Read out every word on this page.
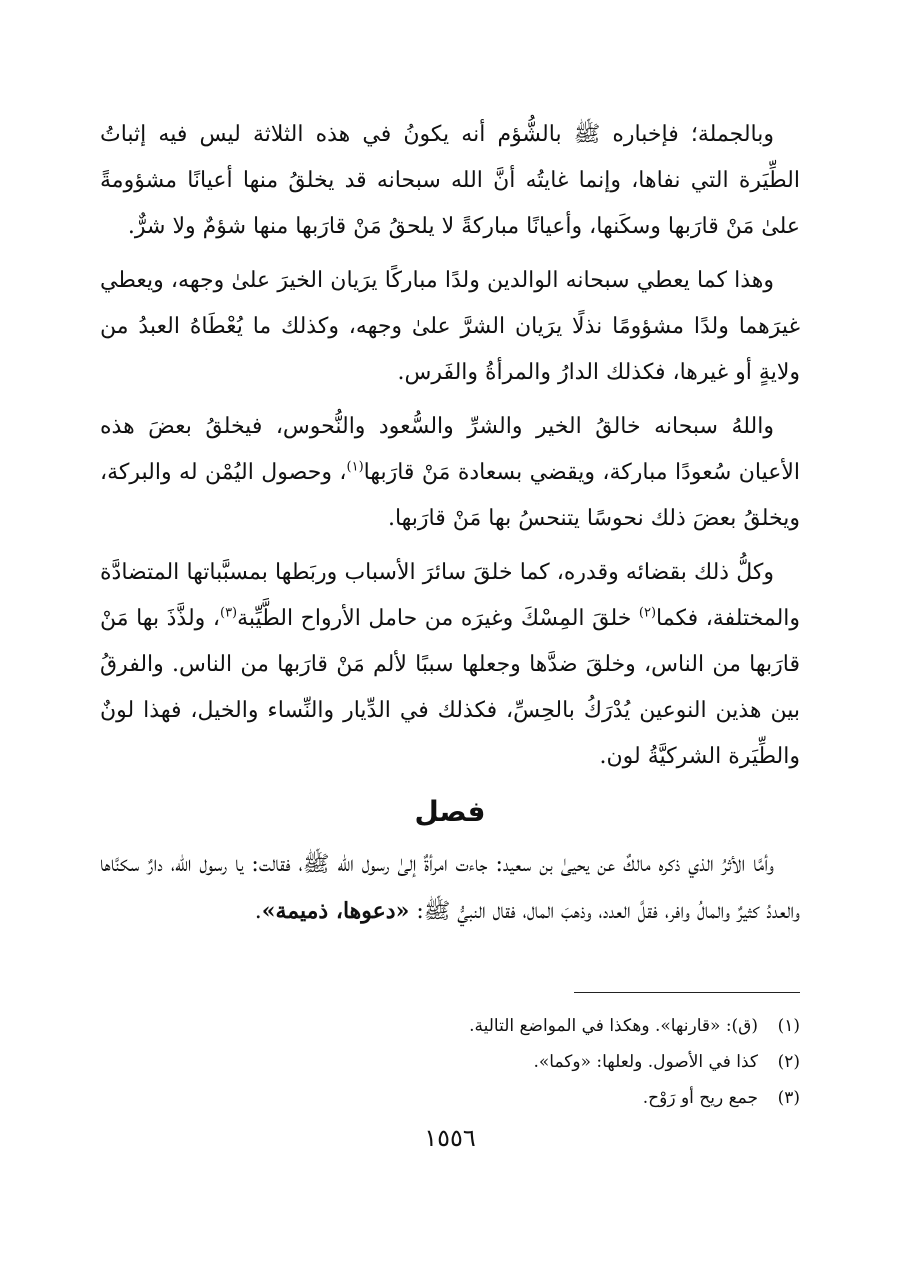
وبالجملة؛ فإخباره ﷺ بالشُّؤم أنه يكونُ في هذه الثلاثة ليس فيه إثباتُ الطِّيَرة التي نفاها، وإنما غايتُه أنَّ الله سبحانه قد يخلقُ منها أعيانًا مشؤومةً علىٰ مَنْ قارَبها وسكَنها، وأعيانًا مباركةً لا يلحقُ مَنْ قارَبها منها شؤمٌ ولا شرٌّ.

وهذا كما يعطي سبحانه الوالدين ولدًا مباركًا يرَيان الخيرَ علىٰ وجهه، ويعطي غيرَهما ولدًا مشؤومًا نذلًا يرَيان الشرَّ علىٰ وجهه، وكذلك ما يُعْطَاهُ العبدُ من ولايةٍ أو غيرها، فكذلك الدارُ والمرأةُ والفَرس.

واللهُ سبحانه خالقُ الخير والشرِّ والسُّعود والنُّحوس، فيخلقُ بعضَ هذه الأعيان سُعودًا مباركة، ويقضي بسعادة مَنْ قارَبها$^{(١)}$، وحصول اليُمْن له والبركة، ويخلقُ بعضَ ذلك نحوسًا يتنحسُ بها مَنْ قارَبها.

وكلُّ ذلك بقضائه وقدره، كما خلقَ سائرَ الأسباب وربَطها بمسبَّباتها المتضادَّة والمختلفة، فكما$^{(٢)}$ خلقَ المِسْكَ وغيرَه من حامل الأرواح الطَّيِّبة$^{(٣)}$، ولذَّذَ بها مَنْ قارَبها من الناس، وخلقَ ضدَّها وجعلها سببًا لألم مَنْ قارَبها من الناس. والفرقُ بين هذين النوعين يُدْرَكُ بالحِسِّ، فكذلك في الدِّيار والنِّساء والخيل، فهذا لونٌ والطِّيَرة الشركيَّةُ لون.

فصل

وأمَّا الأثرُ الذي ذكره مالكٌ عن يحيىٰ بن سعيد: جاءت امرأةٌ إلىٰ رسول الله ﷺ، فقالت: يا رسول الله، دارٌ سكنَّاها والعددُ كثيرٌ والمالُ وافر، فقلَّ العدد، وذهبَ المال، فقال النبيُّ ﷺ: «دعوها، ذميمة».

(١)
(ق): «قارنها». وهكذا في المواضع التالية.
(٢)
كذا في الأصول. ولعلها: «وكما».
(٣)
جمع ريح أو رَوْح.
١٥٥٦
